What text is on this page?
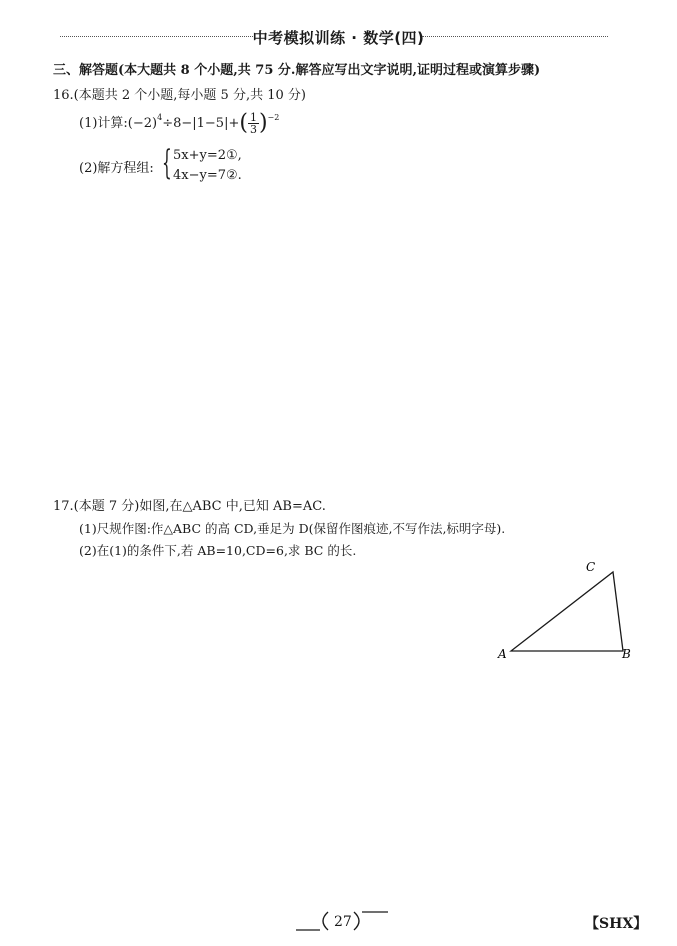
中考模拟训练 · 数学(四)
三、解答题(本大题共 8 个小题,共 75 分.解答应写出文字说明,证明过程或演算步骤)
16.(本题共 2 个小题,每小题 5 分,共 10 分)
(1)计算$:(-2)^4\div 8-|1-5|+( \frac{1}{3} )^{-2}$
(2)解方程组: { 5x+y=2①,
4x−y=7②.
17.(本题 7 分)如图,在△ABC 中,已知 AB=AC.
(1)尺规作图:作△ABC 的高 CD,垂足为 D(保留作图痕迹,不写作法,标明字母).
(2)在(1)的条件下,若 AB=10,CD=6,求 BC 的长.
A	B
C
27	【SHX】
